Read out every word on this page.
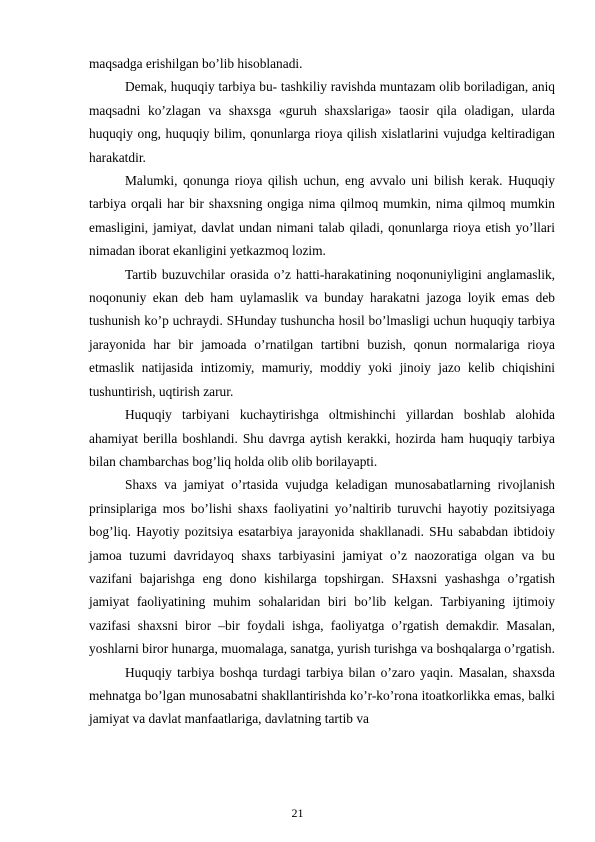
maqsadga erishilgan bo’lib hisoblanadi.

Demak, huquqiy tarbiya bu- tashkiliy ravishda muntazam olib boriladigan, aniq maqsadni ko’zlagan va shaxsga «guruh shaxslariga» taosir qila oladigan, ularda huquqiy ong, huquqiy bilim, qonunlarga rioya qilish xislatlarini vujudga keltiradigan harakatdir.

Malumki, qonunga rioya qilish uchun, eng avvalo uni bilish kerak. Huquqiy tarbiya orqali har bir shaxsning ongiga nima qilmoq mumkin, nima qilmoq mumkin emasligini, jamiyat, davlat undan nimani talab qiladi, qonunlarga rioya etish yo’llari nimadan iborat ekanligini yetkazmoq lozim.

Tartib buzuvchilar orasida o’z hatti-harakatining noqonuniyligini anglamaslik, noqonuniy ekan deb ham uylamaslik va bunday harakatni jazoga loyik emas deb tushunish ko’p uchraydi. SHunday tushuncha hosil bo’lmasligi uchun huquqiy tarbiya jarayonida har bir jamoada o’rnatilgan tartibni buzish, qonun normalariga rioya etmaslik natijasida intizomiy, mamuriy, moddiy yoki jinoiy jazo kelib chiqishini tushuntirish, uqtirish zarur.

Huquqiy tarbiyani kuchaytirishga oltmishinchi yillardan boshlab alohida ahamiyat berilla boshlandi. Shu davrga aytish kerakki, hozirda ham huquqiy tarbiya bilan chambarchas bog’liq holda olib olib borilayapti.

Shaxs va jamiyat o’rtasida vujudga keladigan munosabatlarning rivojlanish prinsiplariga mos bo’lishi shaxs faoliyatini yo’naltirib turuvchi hayotiy pozitsiyaga bog’liq. Hayotiy pozitsiya esatarbiya jarayonida shakllanadi. SHu sababdan ibtidoiy jamoa tuzumi davridayoq shaxs tarbiyasini jamiyat o’z naozoratiga olgan va bu vazifani bajarishga eng dono kishilarga topshirgan. SHaxsni yashashga o’rgatish jamiyat faoliyatining muhim sohalaridan biri bo’lib kelgan. Tarbiyaning ijtimoiy vazifasi shaxsni biror –bir foydali ishga, faoliyatga o’rgatish demakdir. Masalan, yoshlarni biror hunarga, muomalaga, sanatga, yurish turishga va boshqalarga o’rgatish.

Huquqiy tarbiya boshqa turdagi tarbiya bilan o’zaro yaqin. Masalan, shaxsda mehnatga bo’lgan munosabatni shakllantirishda ko’r-ko’rona itoatkorlikka emas, balki jamiyat va davlat manfaatlariga, davlatning tartib va

21
